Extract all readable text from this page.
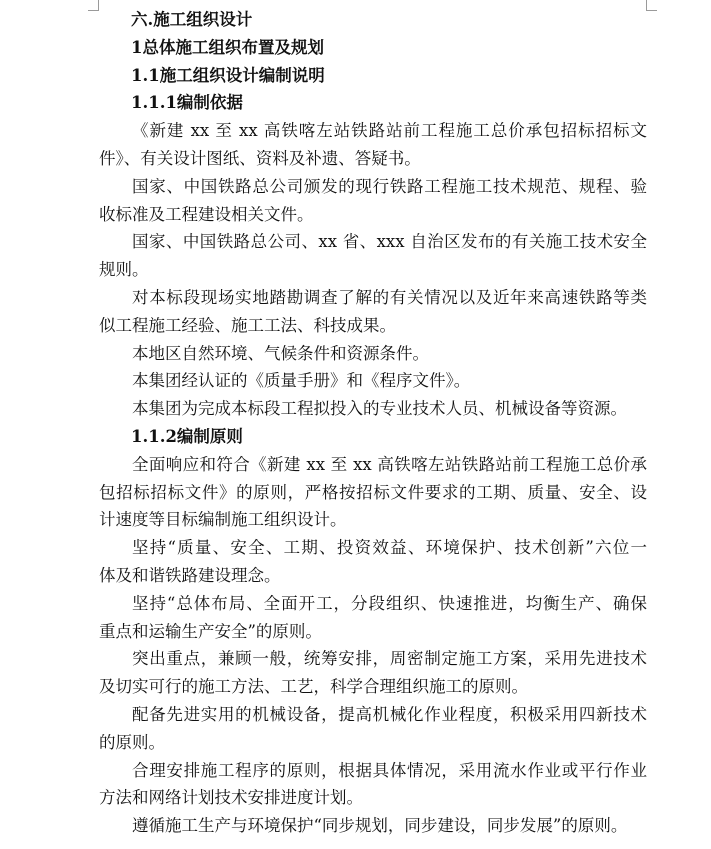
六.施工组织设计
1总体施工组织布置及规划
1.1施工组织设计编制说明
1.1.1编制依据
《新建 xx 至 xx 高铁喀左站铁路站前工程施工总价承包招标招标文
件》、有关设计图纸、资料及补遗、答疑书。
国家、中国铁路总公司颁发的现行铁路工程施工技术规范、规程、验
收标准及工程建设相关文件。
国家、中国铁路总公司、xx 省、xxx 自治区发布的有关施工技术安全
规则。
对本标段现场实地踏勘调查了解的有关情况以及近年来高速铁路等类
似工程施工经验、施工工法、科技成果。
本地区自然环境、气候条件和资源条件。
本集团经认证的《质量手册》和《程序文件》。
本集团为完成本标段工程拟投入的专业技术人员、机械设备等资源。
1.1.2编制原则
全面响应和符合《新建 xx 至 xx 高铁喀左站铁路站前工程施工总价承
包招标招标文件》的原则，严格按招标文件要求的工期、质量、安全、设
计速度等目标编制施工组织设计。
坚持“质量、安全、工期、投资效益、环境保护、技术创新”六位一
体及和谐铁路建设理念。
坚持“总体布局、全面开工，分段组织、快速推进，均衡生产、确保
重点和运输生产安全”的原则。
突出重点，兼顾一般，统筹安排，周密制定施工方案，采用先进技术
及切实可行的施工方法、工艺，科学合理组织施工的原则。
配备先进实用的机械设备，提高机械化作业程度，积极采用四新技术
的原则。
合理安排施工程序的原则，根据具体情况，采用流水作业或平行作业
方法和网络计划技术安排进度计划。
遵循施工生产与环境保护“同步规划，同步建设，同步发展”的原则。
